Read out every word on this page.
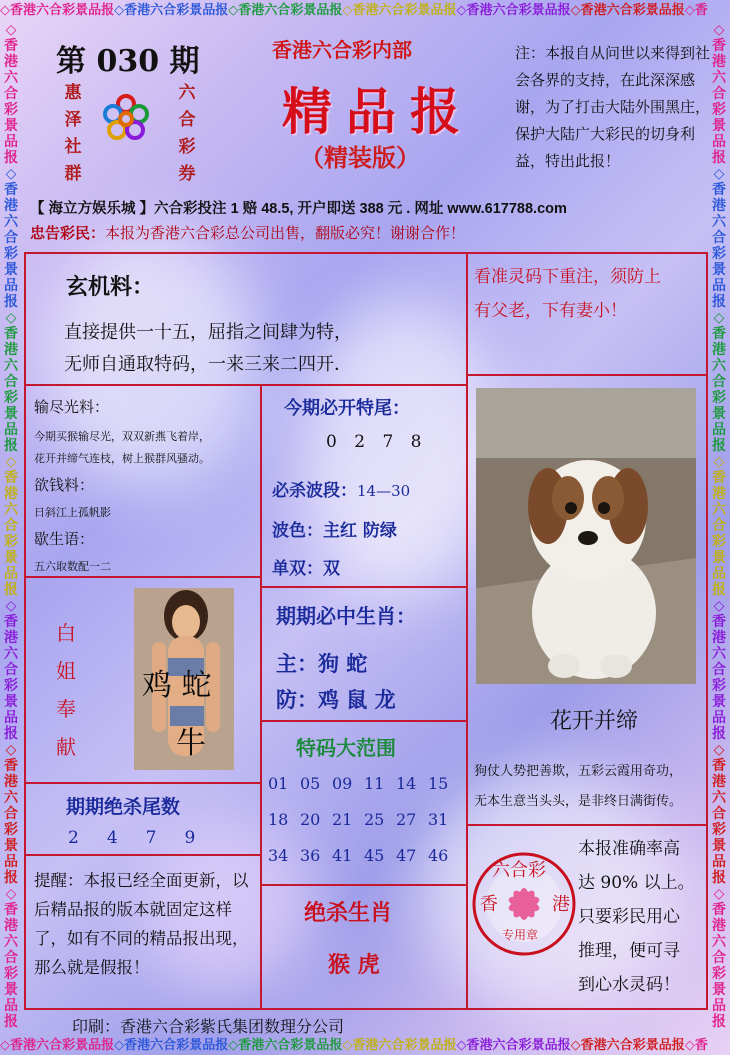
◇香港六合彩景品报◇香港六合彩景品报◇香港六合彩景品报◇香港六合彩景品报◇香港六合彩景品报◇香港六合彩景品报◇香
◇香港六合彩景品报◇香港六合彩景品报◇香港六合彩景品报◇香港六合彩景品报◇香港六合彩景品报◇香港六合彩景品报◇香
◇
香
港
六
合
彩
景
品
报
◇
香
港
六
合
彩
景
品
报
◇
香
港
六
合
彩
景
品
报
◇
香
港
六
合
彩
景
品
报
◇
香
港
六
合
彩
景
品
报
◇
香
港
六
合
彩
景
品
报
◇
香
港
六
合
彩
景
品
报
◇
香
港
六
合
彩
景
品
报
◇
香
港
六
合
彩
景
品
报
◇
香
港
六
合
彩
景
品
报
◇
香
港
六
合
彩
景
品
报
◇
香
港
六
合
彩
景
品
报
◇
香
港
六
合
彩
景
品
报
◇
香
港
六
合
彩
景
品
报
第 030 期
惠
泽
社
群
六
合
彩
券
香港六合彩内部
精品报
（精装版）
注：本报自从问世以来得到社会各界的支持，在此深深感谢，为了打击大陆外围黑庄，保护大陆广大彩民的切身利益，特出此报！
【 海立方娱乐城 】六合彩投注 1 赔 48.5, 开户即送 388 元 . 网址 www.617788.com
忠告彩民：本报为香港六合彩总公司出售，翻版必究！谢谢合作！
玄机料：
直接提供一十五，屈指之间肆为特，
无师自通取特码，一来三来二四开．
看准灵码下重注，须防上
有父老，下有妻小！
输尽光料：
今期买猴输尽光，双双新燕飞着岸，
花开并缔气连枝，树上猴群风骚动。
欲钱料：
日斜江上孤帆影
歇生语：
五六取数配一二
今期必开特尾：
0 2 7 8
必杀波段：14—30
波色：主红 防绿
单双：双
花开并缔
狗仗人势把善欺，五彩云霞用奇功，
无本生意当头头，是非终日满街传。
白
姐
奉
献
鸡 蛇
牛
期期必中生肖：
主：狗 蛇
防：鸡 鼠 龙
特码大范围
01 05 09 11 14 15
18 20 21 25 27 31
34 36 41 45 47 46
期期绝杀尾数
2 4 7 9
提醒：本报已经全面更新，以后精品报的版本就固定这样了，如有不同的精品报出现，那么就是假报！
绝杀生肖
猴 虎
六合彩
香	港
专用章
本报准确率高
达 90% 以上。
只要彩民用心
推理，便可寻
到心水灵码！
印刷：香港六合彩紫氏集团数理分公司
